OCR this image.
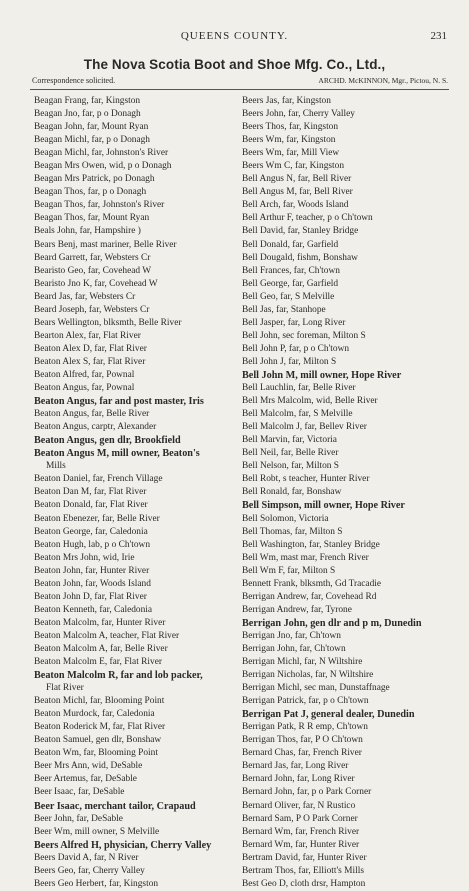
QUEENS COUNTY.	231
The Nova Scotia Boot and Shoe Mfg. Co., Ltd.,
Correspondence solicited.	ARCHD. McKINNON, Mgr., Pictou, N. S.
Beagan Frang, far, Kingston
Beagan Jno, far, p o Donagh
Beagan John, far, Mount Ryan
Beagan Michl, far, p o Donagh
Beagan Michl, far, Johnston's River
Beagan Mrs Owen, wid, p o Donagh
Beagan Mrs Patrick, po Donagh
Beagan Thos, far, p o Donagh
Beagan Thos, far, Johnston's River
Beagan Thos, far, Mount Ryan
Beals John, far, Hampshire )
Bears Benj, mast mariner, Belle River
Beard Garrett, far, Websters Cr
Bearisto Geo, far, Covehead W
Bearisto Jno K, far, Covehead W
Beard Jas, far, Websters Cr
Beard Joseph, far, Websters Cr
Bears Wellington, blksmth, Belle River
Bearton Alex, far, Flat River
Beaton Alex D, far, Flat River
Beaton Alex S, far, Flat River
Beaton Alfred, far, Pownal
Beaton Angus, far, Pownal
Beaton Angus, far and post master, Iris
Beaton Angus, far, Belle River
Beaton Angus, carptr, Alexander
Beaton Angus, gen dlr, Brookfield
Beaton Angus M, mill owner, Beaton's
Mills
Beaton Daniel, far, French Village
Beaton Dan M, far, Flat River
Beaton Donald, far, Flat River
Beaton Ebenezer, far, Belle River
Beaton George, far, Caledonia
Beaton Hugh, lab, p o Ch'town
Beaton Mrs John, wid, Irie
Beaton John, far, Hunter River
Beaton John, far, Woods Island
Beaton John D, far, Flat River
Beaton Kenneth, far, Caledonia
Beaton Malcolm, far, Hunter River
Beaton Malcolm A, teacher, Flat River
Beaton Malcolm A, far, Belle River
Beaton Malcolm E, far, Flat River
Beaton Malcolm R, far and lob packer,
Flat River
Beaton Michl, far, Blooming Point
Beaton Murdock, far, Caledonia
Beaton Roderick M, far, Flat River
Beaton Samuel, gen dlr, Bonshaw
Beaton Wm, far, Blooming Point
Beer Mrs Ann, wid, DeSable
Beer Artemus, far, DeSable
Beer Isaac, far, DeSable
Beer Isaac, merchant tailor, Crapaud
Beer John, far, DeSable
Beer Wm, mill owner, S Melville
Beers Alfred H, physician, Cherry Valley
Beers David A, far, N River
Beers Geo, far, Cherry Valley
Beers Geo Herbert, far, Kingston
Beers Jas, far, Kingston
Beers John, far, Cherry Valley
Beers Thos, far, Kingston
Beers Wm, far, Kingston
Beers Wm, far, Mill View
Beers Wm C, far, Kingston
Bell Angus N, far, Bell River
Bell Angus M, far, Bell River
Bell Arch, far, Woods Island
Bell Arthur F, teacher, p o Ch'town
Bell David, far, Stanley Bridge
Bell Donald, far, Garfield
Bell Dougald, fishm, Bonshaw
Bell Frances, far, Ch'town
Bell George, far, Garfield
Bell Geo, far, S Melville
Bell Jas, far, Stanhope
Bell Jasper, far, Long River
Bell John, sec foreman, Milton S
Bell John P, far, p o Ch'town
Bell John J, far, Milton S
Bell John M, mill owner, Hope River
Bell Lauchlin, far, Belle River
Bell Mrs Malcolm, wid, Belle River
Bell Malcolm, far, S Melville
Bell Malcolm J, far, Bellev River
Bell Marvin, far, Victoria
Bell Neil, far, Belle River
Bell Nelson, far, Milton S
Bell Robt, s teacher, Hunter River
Bell Ronald, far, Bonshaw
Bell Simpson, mill owner, Hope River
Bell Solomon, Victoria
Bell Thomas, far, Milton S
Bell Washington, far, Stanley Bridge
Bell Wm, mast mar, French River
Bell Wm F, far, Milton S
Bennett Frank, blksmth, Gd Tracadie
Berrigan Andrew, far, Covehead Rd
Berrigan Andrew, far, Tyrone
Berrigan John, gen dlr and p m, Dunedin
Berrigan Jno, far, Ch'town
Berrigan John, far, Ch'town
Berrigan Michl, far, N Wiltshire
Berrigan Nicholas, far, N Wiltshire
Berrigan Michl, sec man, Dunstaffnage
Berrigan Patrick, far, p o Ch'town
Berrigan Pat J, general dealer, Dunedin
Berrigan Patk, R R emp, Ch'town
Berrigan Thos, far, P O Ch'town
Bernard Chas, far, French River
Bernard Jas, far, Long River
Bernard John, far, Long River
Bernard John, far, p o Park Corner
Bernard Oliver, far, N Rustico
Bernard Sam, P O Park Corner
Bernard Wm, far, French River
Bernard Wm, far, Hunter River
Bertram David, far, Hunter River
Bertram Thos, far, Elliott's Mills
Best Geo D, cloth drsr, Hampton
